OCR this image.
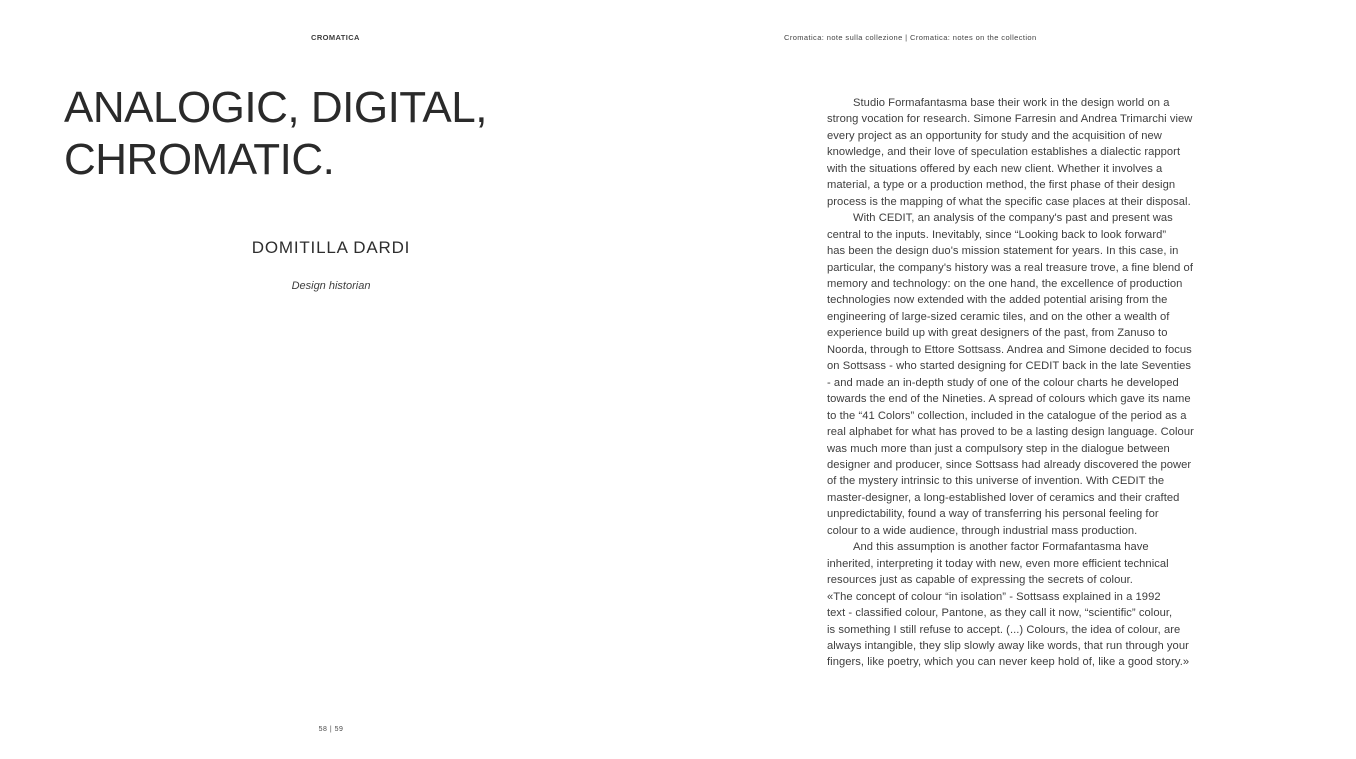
CROMATICA
ANALOGIC, DIGITAL,
CHROMATIC.
DOMITILLA DARDI
Design historian
58 | 59
Cromatica: note sulla collezione | Cromatica: notes on the collection
Studio Formafantasma base their work in the design world on a
strong vocation for research. Simone Farresin and Andrea Trimarchi view
every project as an opportunity for study and the acquisition of new
knowledge, and their love of speculation establishes a dialectic rapport
with the situations offered by each new client. Whether it involves a
material, a type or a production method, the first phase of their design
process is the mapping of what the specific case places at their disposal.
With CEDIT, an analysis of the company's past and present was
central to the inputs. Inevitably, since “Looking back to look forward”
has been the design duo's mission statement for years. In this case, in
particular, the company's history was a real treasure trove, a fine blend of
memory and technology: on the one hand, the excellence of production
technologies now extended with the added potential arising from the
engineering of large-sized ceramic tiles, and on the other a wealth of
experience build up with great designers of the past, from Zanuso to
Noorda, through to Ettore Sottsass. Andrea and Simone decided to focus
on Sottsass - who started designing for CEDIT back in the late Seventies
- and made an in-depth study of one of the colour charts he developed
towards the end of the Nineties. A spread of colours which gave its name
to the “41 Colors” collection, included in the catalogue of the period as a
real alphabet for what has proved to be a lasting design language. Colour
was much more than just a compulsory step in the dialogue between
designer and producer, since Sottsass had already discovered the power
of the mystery intrinsic to this universe of invention. With CEDIT the
master-designer, a long-established lover of ceramics and their crafted
unpredictability, found a way of transferring his personal feeling for
colour to a wide audience, through industrial mass production.
And this assumption is another factor Formafantasma have
inherited, interpreting it today with new, even more efficient technical
resources just as capable of expressing the secrets of colour.
«The concept of colour “in isolation” - Sottsass explained in a 1992
text - classified colour, Pantone, as they call it now, “scientific” colour,
is something I still refuse to accept. (...) Colours, the idea of colour, are
always intangible, they slip slowly away like words, that run through your
fingers, like poetry, which you can never keep hold of, like a good story.»
